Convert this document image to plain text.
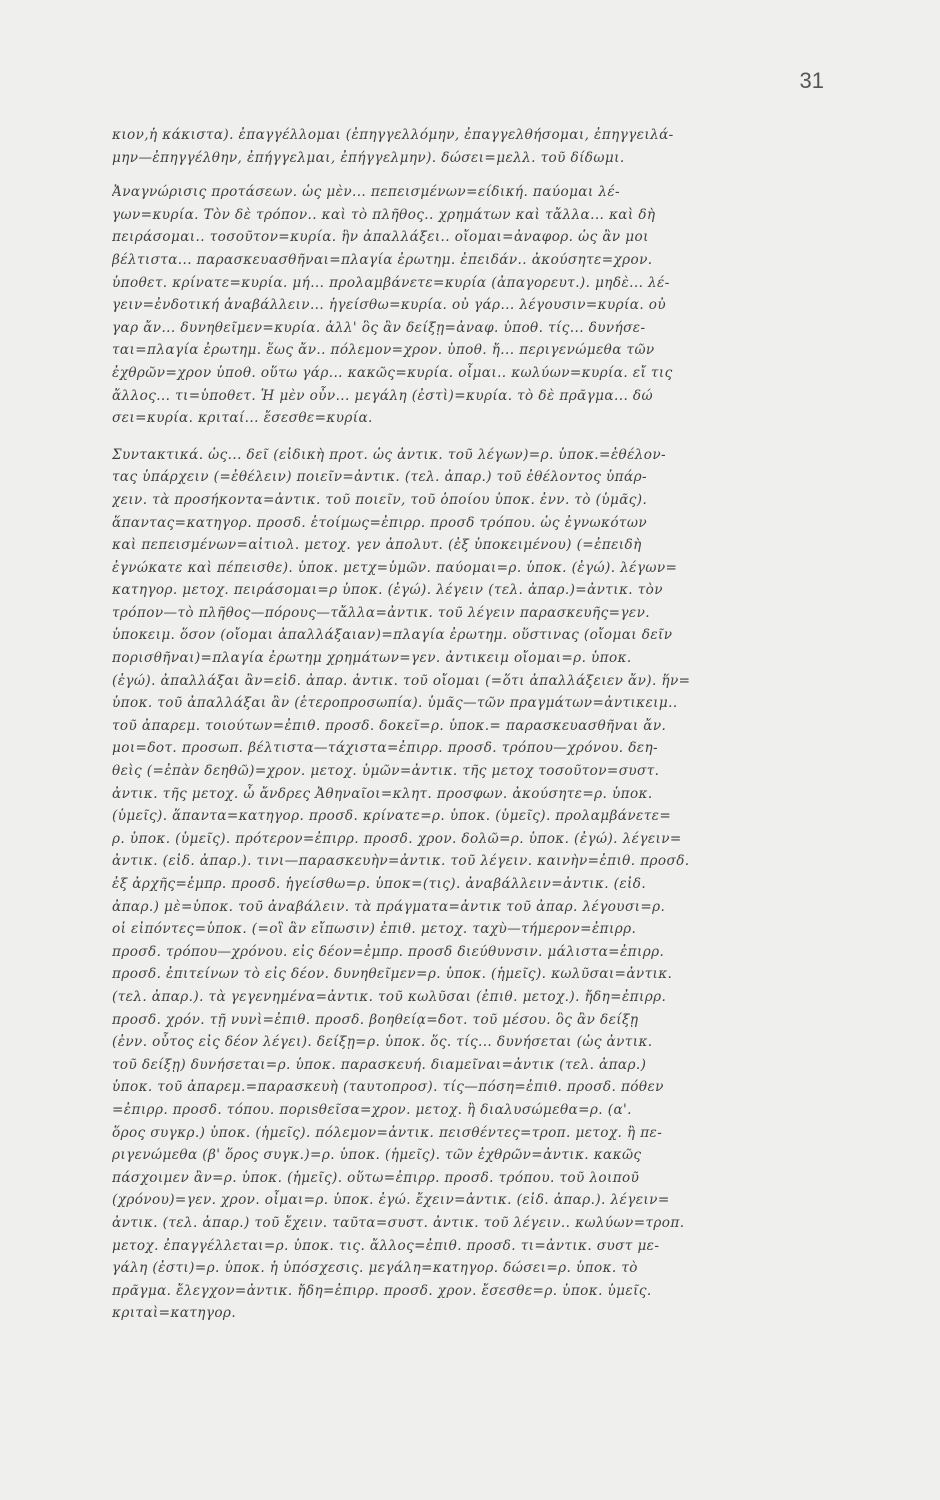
31
κιον,ἡ κάκιστα). ἐπαγγέλλομαι (ἐπηγγελλόμην, ἐπαγγελθήσομαι, ἐπηγγειλά-
μην—ἐπηγγέλθην, ἐπήγγελμαι, ἐπήγγελμην). δώσει=μελλ. τοῦ δίδωμι.
Ἀναγνώρισις προτάσεων. ὡς μὲν... πεπεισμένων=είδική. παύομαι λέ-
γων=κυρία. Τὸν δὲ τρόπον.. καὶ τὸ πλῆθος.. χρημάτων καὶ τἄλλα... καὶ δὴ
πειράσομαι.. τοσοῦτον=κυρία. ἣν ἀπαλλάξει.. οἴομαι=ἀναφορ. ὡς ἂν μοι
βέλτιστα... παρασκευασθῆναι=πλαγία ἐρωτημ. ἐπειδάν.. ἀκούσητε=χρον.
ὑποθετ. κρίνατε=κυρία. μή... προλαμβάνετε=κυρία (ἀπαγορευτ.). μηδὲ... λέ-
γειν=ἐνδοτική ἀναβάλλειν... ἡγείσθω=κυρία. οὐ γάρ... λέγουσιν=κυρία. οὐ
γαρ ἄν... δυνηθεῖμεν=κυρία. ἀλλ' ὃς ἂν δείξῃ=ἀναφ. ὑποθ. τίς... δυνήσε-
ται=πλαγία ἐρωτημ. ἕως ἄν.. πόλεμον=χρον. ὑποθ. ἤ... περιγενώμεθα τῶν
ἐχθρῶν=χρον ὑποθ. οὕτω γάρ... κακῶς=κυρία. οἶμαι.. κωλύων=κυρία. εἴ τις
ἄλλος... τι=ὑποθετ. Ἡ μὲν οὖν... μεγάλη (ἐστὶ)=κυρία. τὸ δὲ πρᾶγμα... δώ
σει=κυρία. κριταί... ἔσεσθε=κυρία.
Συντακτικά. ὡς... δεῖ (εἰδικὴ προτ. ὡς ἀντικ. τοῦ λέγων)=ρ. ὑποκ.=ἐθέλον-
τας ὑπάρχειν (=ἐθέλειν) ποιεῖν=ἀντικ. (τελ. ἀπαρ.) τοῦ ἐθέλοντος ὑπάρ-
χειν. τὰ προσήκοντα=ἀντικ. τοῦ ποιεῖν, τοῦ ὁποίου ὑποκ. ἐνν. τὸ (ὑμᾶς).
ἅπαντας=κατηγορ. προσδ. ἑτοίμως=ἐπιρρ. προσδ τρόπου. ὡς ἐγνωκότων
καὶ πεπεισμένων=αἰτιολ. μετοχ. γεν ἀπολυτ. (ἐξ ὑποκειμένου) (=ἐπειδὴ
ἐγνώκατε καὶ πέπεισθε). ὑποκ. μετχ=ὑμῶν. παύομαι=ρ. ὑποκ. (ἐγώ). λέγων=
κατηγορ. μετοχ. πειράσομαι=ρ ὑποκ. (ἐγώ). λέγειν (τελ. ἀπαρ.)=ἀντικ. τὸν
τρόπον—τὸ πλῆθος—πόρους—τἄλλα=ἀντικ. τοῦ λέγειν παρασκευῆς=γεν.
ὑποκειμ. ὅσον (οἴομαι ἀπαλλάξαιαν)=πλαγία ἐρωτημ. οὕστινας (οἴομαι δεῖν
πορισθῆναι)=πλαγία ἐρωτημ χρημάτων=γεν. ἀντικειμ οἴομαι=ρ. ὑποκ.
(ἐγώ). ἀπαλλάξαι ἂν=εἰδ. ἀπαρ. ἀντικ. τοῦ οἴομαι (=ὅτι ἀπαλλάξειεν ἄν). ἥν=
ὑποκ. τοῦ ἀπαλλάξαι ἂν (ἑτεροπροσωπία). ὑμᾶς—τῶν πραγμάτων=ἀντικειμ..
τοῦ ἀπαρεμ. τοιούτων=ἐπιθ. προσδ. δοκεῖ=ρ. ὑποκ.= παρασκευασθῆναι ἄν.
μοι=δοτ. προσωπ. βέλτιστα—τάχιστα=ἐπιρρ. προσδ. τρόπου—χρόνου. δεη-
θεὶς (=ἐπὰν δεηθῶ)=χρον. μετοχ. ὑμῶν=ἀντικ. τῆς μετοχ τοσοῦτον=συστ.
ἀντικ. τῆς μετοχ. ὦ ἄνδρες Ἀθηναῖοι=κλητ. προσφων. ἀκούσητε=ρ. ὑποκ.
(ὑμεῖς). ἅπαντα=κατηγορ. προσδ. κρίνατε=ρ. ὑποκ. (ὑμεῖς). προλαμβάνετε=
ρ. ὑποκ. (ὑμεῖς). πρότερον=ἐπιρρ. προσδ. χρον. δολῶ=ρ. ὑποκ. (ἐγώ). λέγειν=
ἀντικ. (εἰδ. ἀπαρ.). τινι—παρασκευὴν=ἀντικ. τοῦ λέγειν. καινὴν=ἐπιθ. προσδ.
ἐξ ἀρχῆς=ἐμπρ. προσδ. ἡγείσθω=ρ. ὑποκ=(τις). ἀναβάλλειν=ἀντικ. (εἰδ.
ἀπαρ.) μὲ=ὑποκ. τοῦ ἀναβάλειν. τὰ πράγματα=ἀντικ τοῦ ἀπαρ. λέγουσι=ρ.
οἱ εἰπόντες=ὑποκ. (=οἳ ἂν εἴπωσιν) ἐπιθ. μετοχ. ταχὺ—τήμερον=ἐπιρρ.
προσδ. τρόπου—χρόνου. εἰς δέον=ἐμπρ. προσδ διεύθυνσιν. μάλιστα=ἐπιρρ.
προσδ. ἐπιτείνων τὸ εἰς δέον. δυνηθεῖμεν=ρ. ὑποκ. (ἡμεῖς). κωλῦσαι=ἀντικ.
(τελ. ἀπαρ.). τὰ γεγενημένα=ἀντικ. τοῦ κωλῦσαι (ἐπιθ. μετοχ.). ἤδη=ἐπιρρ.
προσδ. χρόν. τῇ νυνὶ=ἐπιθ. προσδ. βοηθείᾳ=δοτ. τοῦ μέσου. ὃς ἂν δείξῃ
(ἐνν. οὗτος εἰς δέον λέγει). δείξῃ=ρ. ὑποκ. ὅς. τίς... δυνήσεται (ὡς ἀντικ.
τοῦ δείξῃ) δυνήσεται=ρ. ὑποκ. παρασκευή. διαμεῖναι=ἀντικ (τελ. ἀπαρ.)
ὑποκ. τοῦ ἀπαρεμ.=παρασκευὴ (ταυτοπροσ). τίς—πόση=ἐπιθ. προσδ. πόθεν
=ἐπιρρ. προσδ. τόπου. ποριsθεῖσα=χρον. μετοχ. ἢ διαλυσώμεθα=ρ. (α'.
ὅρος συγκρ.) ὑποκ. (ἡμεῖς). πόλεμον=ἀντικ. πεισθέντες=τροπ. μετοχ. ἢ πε-
ριγενώμεθα (β' ὅρος συγκ.)=ρ. ὑποκ. (ἡμεῖς). τῶν ἐχθρῶν=ἀντικ. κακῶς
πάσχοιμεν ἂν=ρ. ὑποκ. (ἡμεῖς). οὕτω=ἐπιρρ. προσδ. τρόπου. τοῦ λοιποῦ
(χρόνου)=γεν. χρον. οἶμαι=ρ. ὑποκ. ἐγώ. ἔχειν=ἀντικ. (εἰδ. ἀπαρ.). λέγειν=
ἀντικ. (τελ. ἀπαρ.) τοῦ ἔχειν. ταῦτα=συστ. ἀντικ. τοῦ λέγειν.. κωλύων=τροπ.
μετοχ. ἐπαγγέλλεται=ρ. ὑποκ. τις. ἄλλος=ἐπιθ. προσδ. τι=ἀντικ. συστ με-
γάλη (ἐστι)=ρ. ὑποκ. ἡ ὑπόσχεσις. μεγάλη=κατηγορ. δώσει=ρ. ὑποκ. τὸ
πρᾶγμα. ἔλεγχον=ἀντικ. ἤδη=ἐπιρρ. προσδ. χρον. ἔσεσθε=ρ. ὑποκ. ὑμεῖς.
κριταὶ=κατηγορ.
